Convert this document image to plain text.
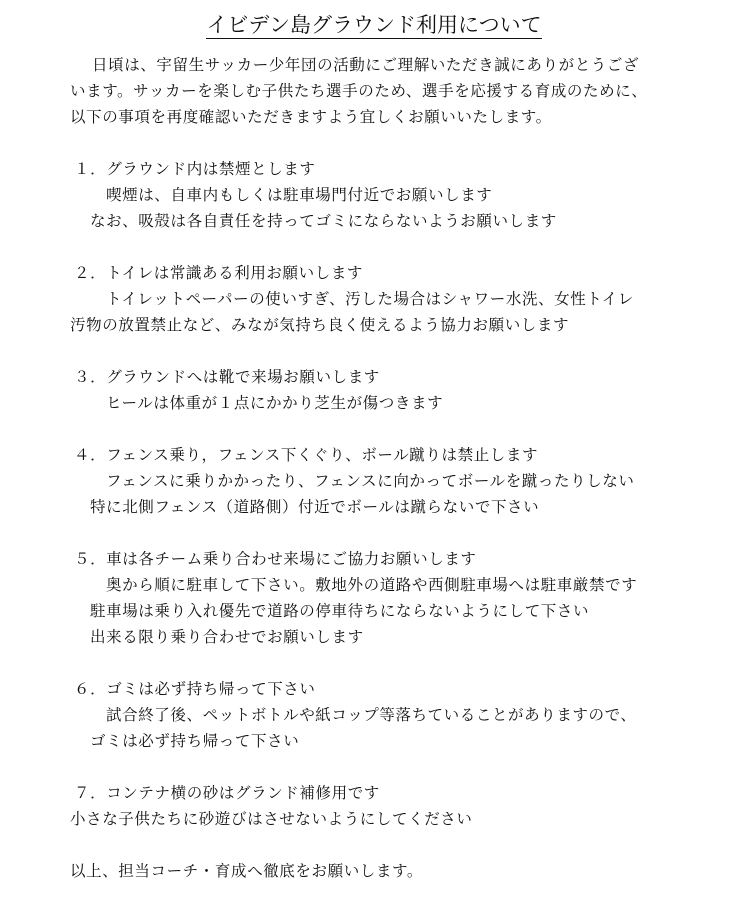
イビデン島グラウンド利用について
日頃は、宇留生サッカー少年団の活動にご理解いただき誠にありがとうござ
います。サッカーを楽しむ子供たち選手のため、選手を応援する育成のために、
以下の事項を再度確認いただきますよう宜しくお願いいたします。
１．グラウンド内は禁煙とします
喫煙は、自車内もしくは駐車場門付近でお願いします
なお、吸殻は各自責任を持ってゴミにならないようお願いします
２．トイレは常識ある利用お願いします
トイレットペーパーの使いすぎ、汚した場合はシャワー水洗、女性トイレ
汚物の放置禁止など、みなが気持ち良く使えるよう協力お願いします
３．グラウンドへは靴で来場お願いします
ヒールは体重が１点にかかり芝生が傷つきます
４．フェンス乗り，フェンス下くぐり、ボール蹴りは禁止します
フェンスに乗りかかったり、フェンスに向かってボールを蹴ったりしない
特に北側フェンス（道路側）付近でボールは蹴らないで下さい
５．車は各チーム乗り合わせ来場にご協力お願いします
奥から順に駐車して下さい。敷地外の道路や西側駐車場へは駐車厳禁です
駐車場は乗り入れ優先で道路の停車待ちにならないようにして下さい
出来る限り乗り合わせでお願いします
６．ゴミは必ず持ち帰って下さい
試合終了後、ペットボトルや紙コップ等落ちていることがありますので、
ゴミは必ず持ち帰って下さい
７．コンテナ横の砂はグランド補修用です
小さな子供たちに砂遊びはさせないようにしてください
以上、担当コーチ・育成へ徹底をお願いします。
